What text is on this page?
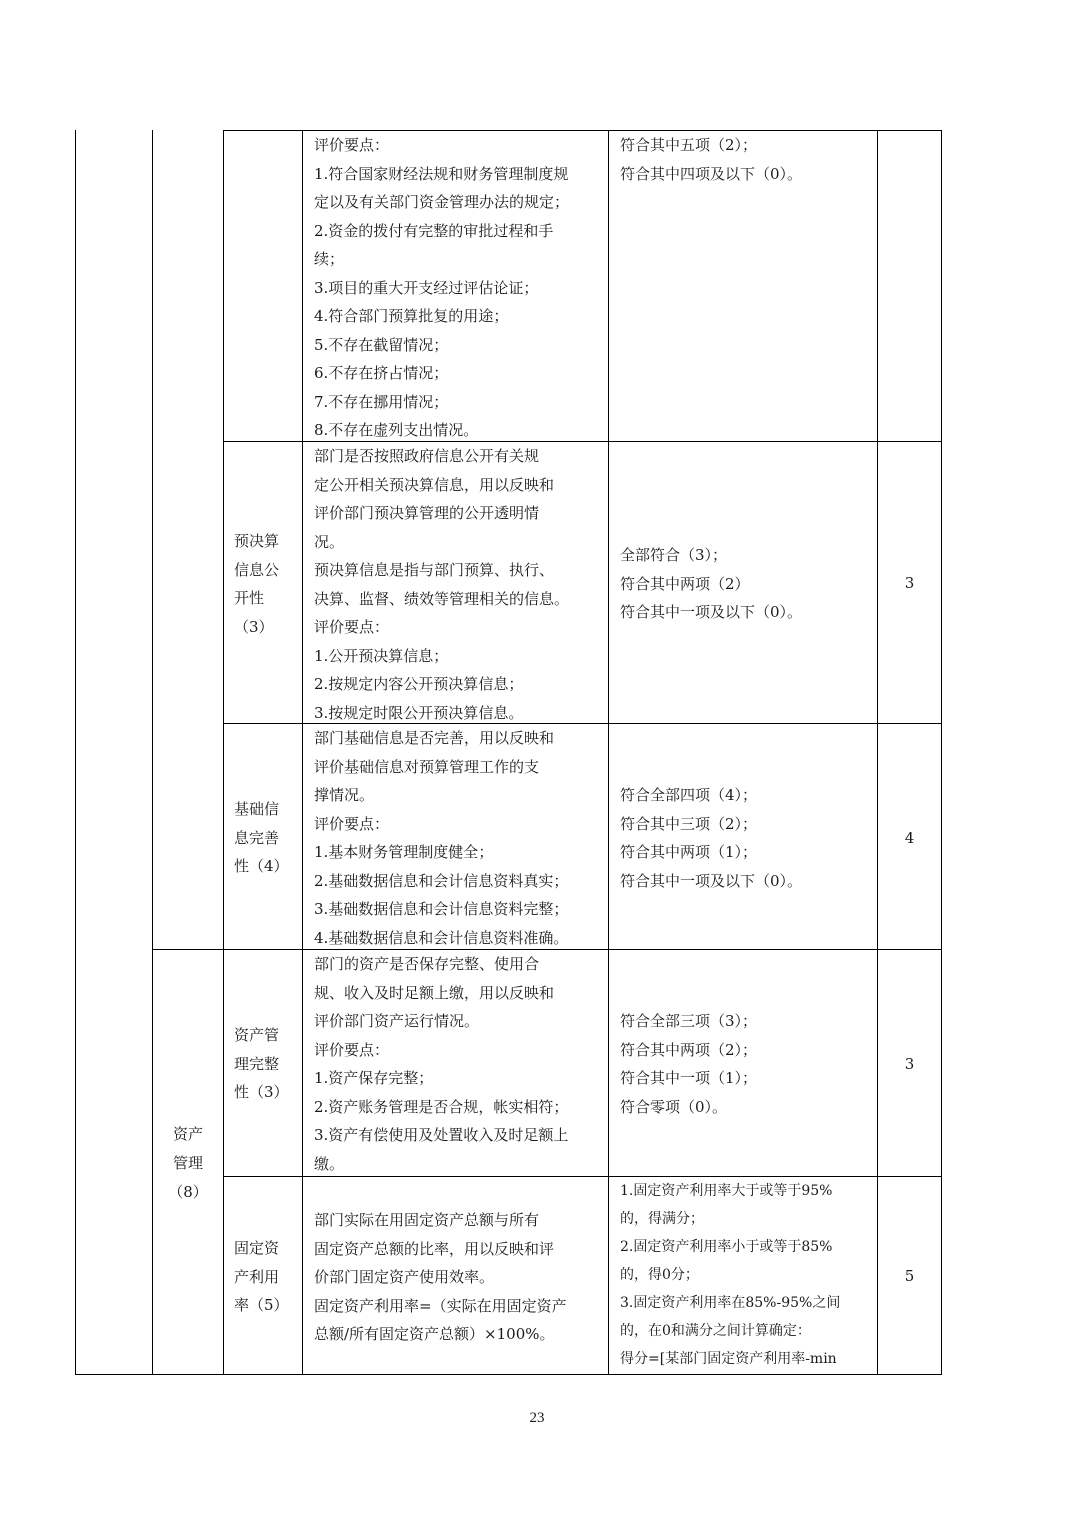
评价要点：
1.符合国家财经法规和财务管理制度规
定以及有关部门资金管理办法的规定；
2.资金的拨付有完整的审批过程和手
续；
3.项目的重大开支经过评估论证；
4.符合部门预算批复的用途；
5.不存在截留情况；
6.不存在挤占情况；
7.不存在挪用情况；
8.不存在虚列支出情况。
符合其中五项（2）；
符合其中四项及以下（0）。
预决算
信息公
开性
（3）
部门是否按照政府信息公开有关规
定公开相关预决算信息，用以反映和
评价部门预决算管理的公开透明情
况。
预决算信息是指与部门预算、执行、
决算、监督、绩效等管理相关的信息。
评价要点：
1.公开预决算信息；
2.按规定内容公开预决算信息；
3.按规定时限公开预决算信息。
全部符合（3）；
符合其中两项（2）
符合其中一项及以下（0）。
3
基础信
息完善
性（4）
部门基础信息是否完善，用以反映和
评价基础信息对预算管理工作的支
撑情况。
评价要点：
1.基本财务管理制度健全；
2.基础数据信息和会计信息资料真实；
3.基础数据信息和会计信息资料完整；
4.基础数据信息和会计信息资料准确。
符合全部四项（4）；
符合其中三项（2）；
符合其中两项（1）；
符合其中一项及以下（0）。
4
资产
管理
（8）
资产管
理完整
性（3）
部门的资产是否保存完整、使用合
规、收入及时足额上缴，用以反映和
评价部门资产运行情况。
评价要点：
1.资产保存完整；
2.资产账务管理是否合规，帐实相符；
3.资产有偿使用及处置收入及时足额上
缴。
符合全部三项（3）；
符合其中两项（2）；
符合其中一项（1）；
符合零项（0）。
3
固定资
产利用
率（5）
部门实际在用固定资产总额与所有
固定资产总额的比率，用以反映和评
价部门固定资产使用效率。
固定资产利用率=（实际在用固定资产
总额/所有固定资产总额）×100%。
1.固定资产利用率大于或等于95%
的，得满分；
2.固定资产利用率小于或等于85%
的，得0分；
3.固定资产利用率在85%-95%之间
的，在0和满分之间计算确定：
得分=[某部门固定资产利用率-min
5
23
